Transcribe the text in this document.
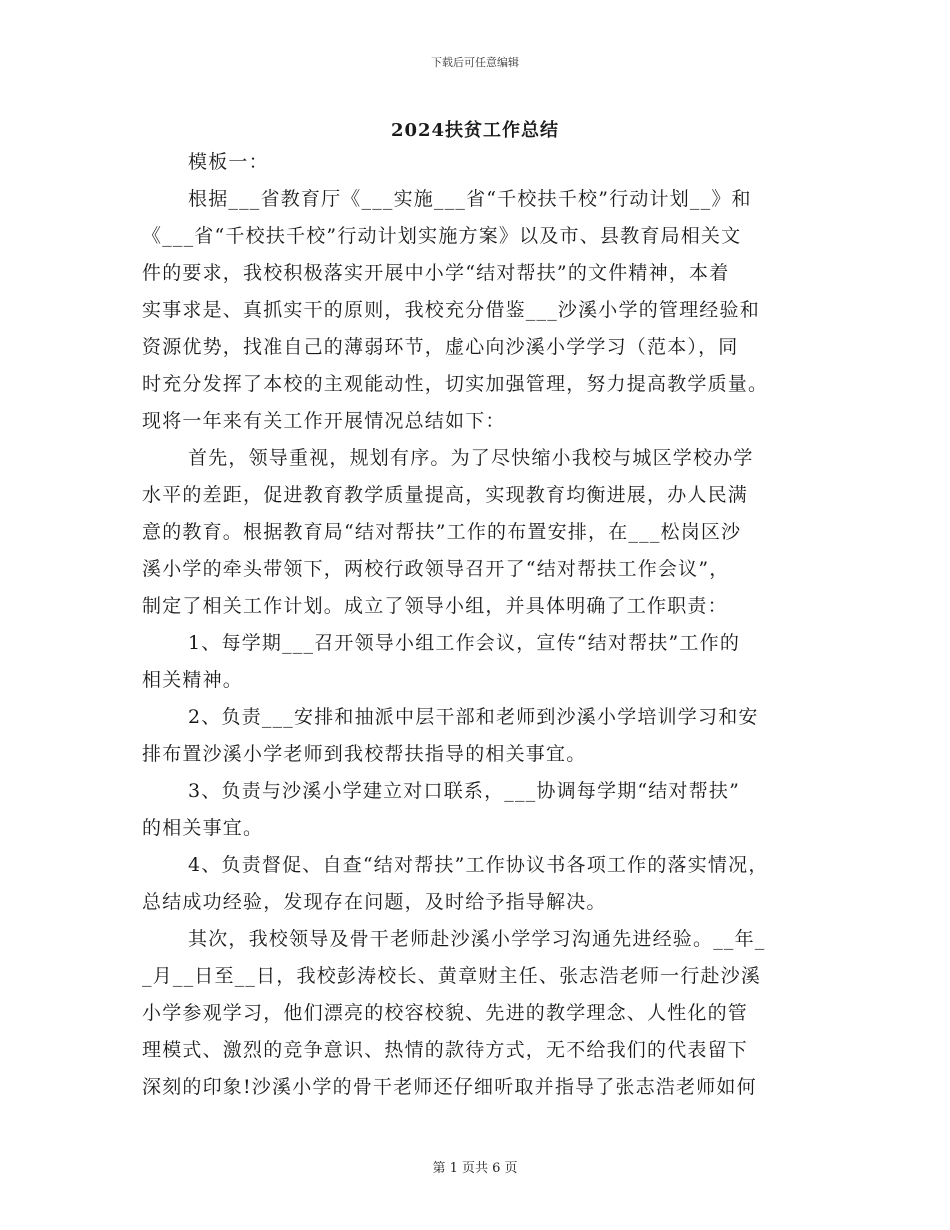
下载后可任意编辑
2024扶贫工作总结
模板一：
根据___省教育厅《___实施___省“千校扶千校”行动计划__》和
《___省“千校扶千校”行动计划实施方案》以及市、县教育局相关文
件的要求，我校积极落实开展中小学“结对帮扶”的文件精神，本着
实事求是、真抓实干的原则，我校充分借鉴___沙溪小学的管理经验和
资源优势，找准自己的薄弱环节，虚心向沙溪小学学习（范本），同
时充分发挥了本校的主观能动性，切实加强管理，努力提高教学质量。
现将一年来有关工作开展情况总结如下：
首先，领导重视，规划有序。为了尽快缩小我校与城区学校办学
水平的差距，促进教育教学质量提高，实现教育均衡进展，办人民满
意的教育。根据教育局“结对帮扶”工作的布置安排，在___松岗区沙
溪小学的牵头带领下，两校行政领导召开了“结对帮扶工作会议”，
制定了相关工作计划。成立了领导小组，并具体明确了工作职责：
1、每学期___召开领导小组工作会议，宣传“结对帮扶”工作的
相关精神。
2、负责___安排和抽派中层干部和老师到沙溪小学培训学习和安
排布置沙溪小学老师到我校帮扶指导的相关事宜。
3、负责与沙溪小学建立对口联系，___协调每学期“结对帮扶”
的相关事宜。
4、负责督促、自查“结对帮扶”工作协议书各项工作的落实情况，
总结成功经验，发现存在问题，及时给予指导解决。
其次，我校领导及骨干老师赴沙溪小学学习沟通先进经验。__年_
_月__日至__日，我校彭涛校长、黄章财主任、张志浩老师一行赴沙溪
小学参观学习，他们漂亮的校容校貌、先进的教学理念、人性化的管
理模式、激烈的竞争意识、热情的款待方式，无不给我们的代表留下
深刻的印象!沙溪小学的骨干老师还仔细听取并指导了张志浩老师如何
第 1 页共 6 页
